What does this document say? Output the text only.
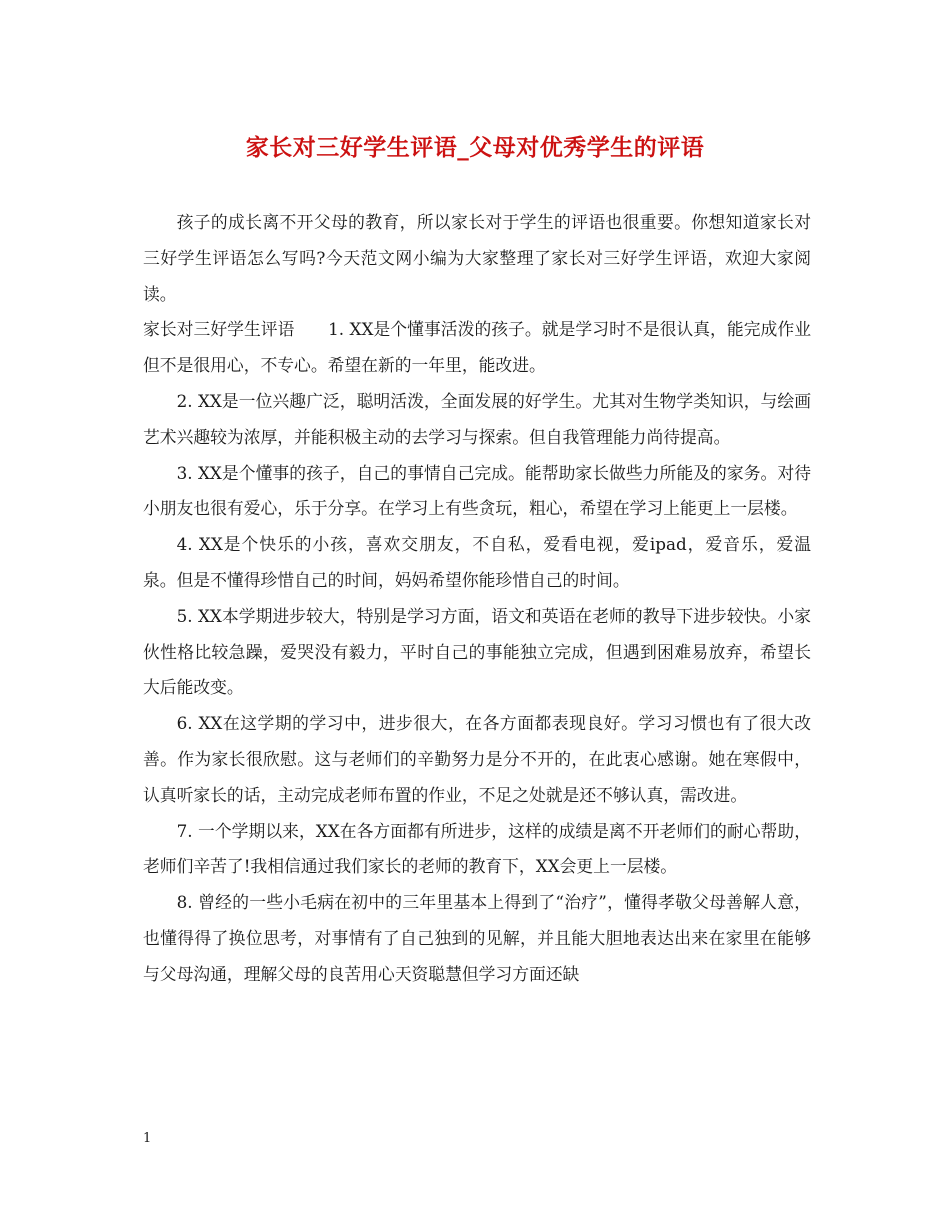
家长对三好学生评语_父母对优秀学生的评语

孩子的成长离不开父母的教育，所以家长对于学生的评语也很重要。你想知道家长对三好学生评语怎么写吗?今天范文网小编为大家整理了家长对三好学生评语，欢迎大家阅读。

家长对三好学生评语　　1. XX是个懂事活泼的孩子。就是学习时不是很认真，能完成作业但不是很用心，不专心。希望在新的一年里，能改进。

2. XX是一位兴趣广泛，聪明活泼，全面发展的好学生。尤其对生物学类知识，与绘画艺术兴趣较为浓厚，并能积极主动的去学习与探索。但自我管理能力尚待提高。

3. XX是个懂事的孩子，自己的事情自己完成。能帮助家长做些力所能及的家务。对待小朋友也很有爱心，乐于分享。在学习上有些贪玩，粗心，希望在学习上能更上一层楼。

4. XX是个快乐的小孩，喜欢交朋友，不自私，爱看电视，爱ipad，爱音乐，爱温泉。但是不懂得珍惜自己的时间，妈妈希望你能珍惜自己的时间。

5. XX本学期进步较大，特别是学习方面，语文和英语在老师的教导下进步较快。小家伙性格比较急躁，爱哭没有毅力，平时自己的事能独立完成，但遇到困难易放弃，希望长大后能改变。

6. XX在这学期的学习中，进步很大，在各方面都表现良好。学习习惯也有了很大改善。作为家长很欣慰。这与老师们的辛勤努力是分不开的，在此衷心感谢。她在寒假中，认真听家长的话，主动完成老师布置的作业，不足之处就是还不够认真，需改进。

7. 一个学期以来，XX在各方面都有所进步，这样的成绩是离不开老师们的耐心帮助，老师们辛苦了!我相信通过我们家长的老师的教育下，XX会更上一层楼。

8. 曾经的一些小毛病在初中的三年里基本上得到了“治疗”，懂得孝敬父母善解人意，也懂得得了换位思考，对事情有了自己独到的见解，并且能大胆地表达出来在家里在能够与父母沟通，理解父母的良苦用心天资聪慧但学习方面还缺

1
